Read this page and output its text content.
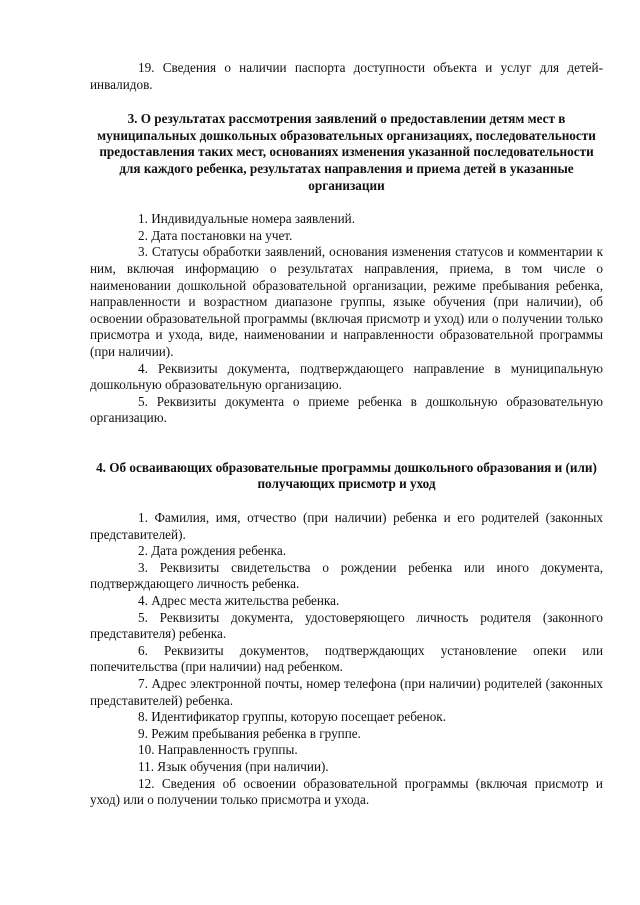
19. Сведения о наличии паспорта доступности объекта и услуг для детей-инвалидов.

3. О результатах рассмотрения заявлений о предоставлении детям мест в муниципальных дошкольных образовательных организациях, последовательности предоставления таких мест, основаниях изменения указанной последовательности для каждого ребенка, результатах направления и приема детей в указанные организации

1. Индивидуальные номера заявлений.

2. Дата постановки на учет.

3. Статусы обработки заявлений, основания изменения статусов и комментарии к ним, включая информацию о результатах направления, приема, в том числе о наименовании дошкольной образовательной организации, режиме пребывания ребенка, направленности и возрастном диапазоне группы, языке обучения (при наличии), об освоении образовательной программы (включая присмотр и уход) или о получении только присмотра и ухода, виде, наименовании и направленности образовательной программы (при наличии).

4. Реквизиты документа, подтверждающего направление в муниципальную дошкольную образовательную организацию.

5. Реквизиты документа о приеме ребенка в дошкольную образовательную организацию.

4. Об осваивающих образовательные программы дошкольного образования и (или) получающих присмотр и уход

1. Фамилия, имя, отчество (при наличии) ребенка и его родителей (законных представителей).

2. Дата рождения ребенка.

3. Реквизиты свидетельства о рождении ребенка или иного документа, подтверждающего личность ребенка.

4. Адрес места жительства ребенка.

5. Реквизиты документа, удостоверяющего личность родителя (законного представителя) ребенка.

6. Реквизиты документов, подтверждающих установление опеки или попечительства (при наличии) над ребенком.

7. Адрес электронной почты, номер телефона (при наличии) родителей (законных представителей) ребенка.

8. Идентификатор группы, которую посещает ребенок.

9. Режим пребывания ребенка в группе.

10. Направленность группы.

11. Язык обучения (при наличии).

12. Сведения об освоении образовательной программы (включая присмотр и уход) или о получении только присмотра и ухода.
